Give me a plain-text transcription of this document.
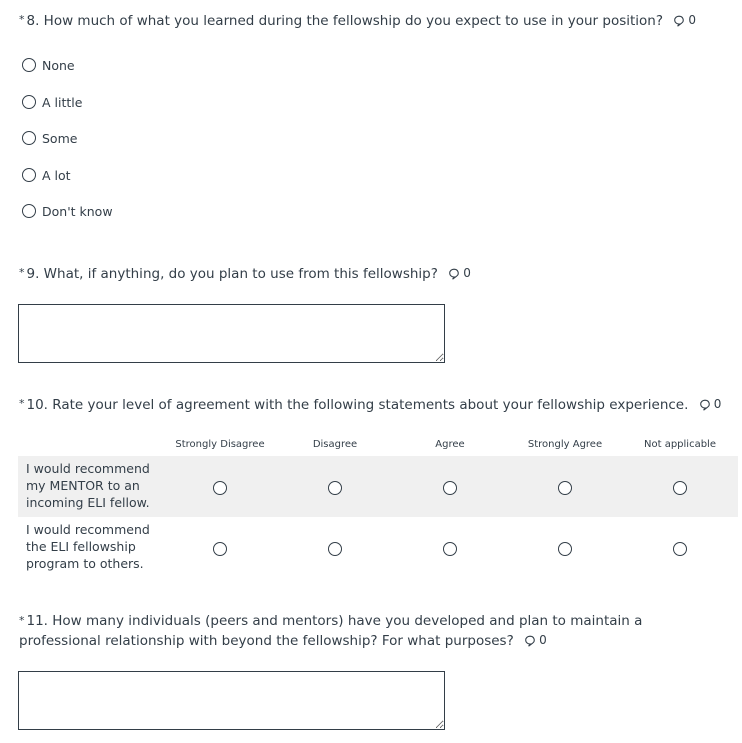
* 8. How much of what you learned during the fellowship do you expect to use in your position? 0
None
A little
Some
A lot
Don't know
* 9. What, if anything, do you plan to use from this fellowship? 0
* 10. Rate your level of agreement with the following statements about your fellowship experience. 0
Strongly Disagree	Disagree	Agree	Strongly Agree	Not applicable
I would recommend my MENTOR to an incoming ELI fellow.
I would recommend the ELI fellowship program to others.
* 11. How many individuals (peers and mentors) have you developed and plan to maintain a professional relationship with beyond the fellowship? For what purposes? 0
